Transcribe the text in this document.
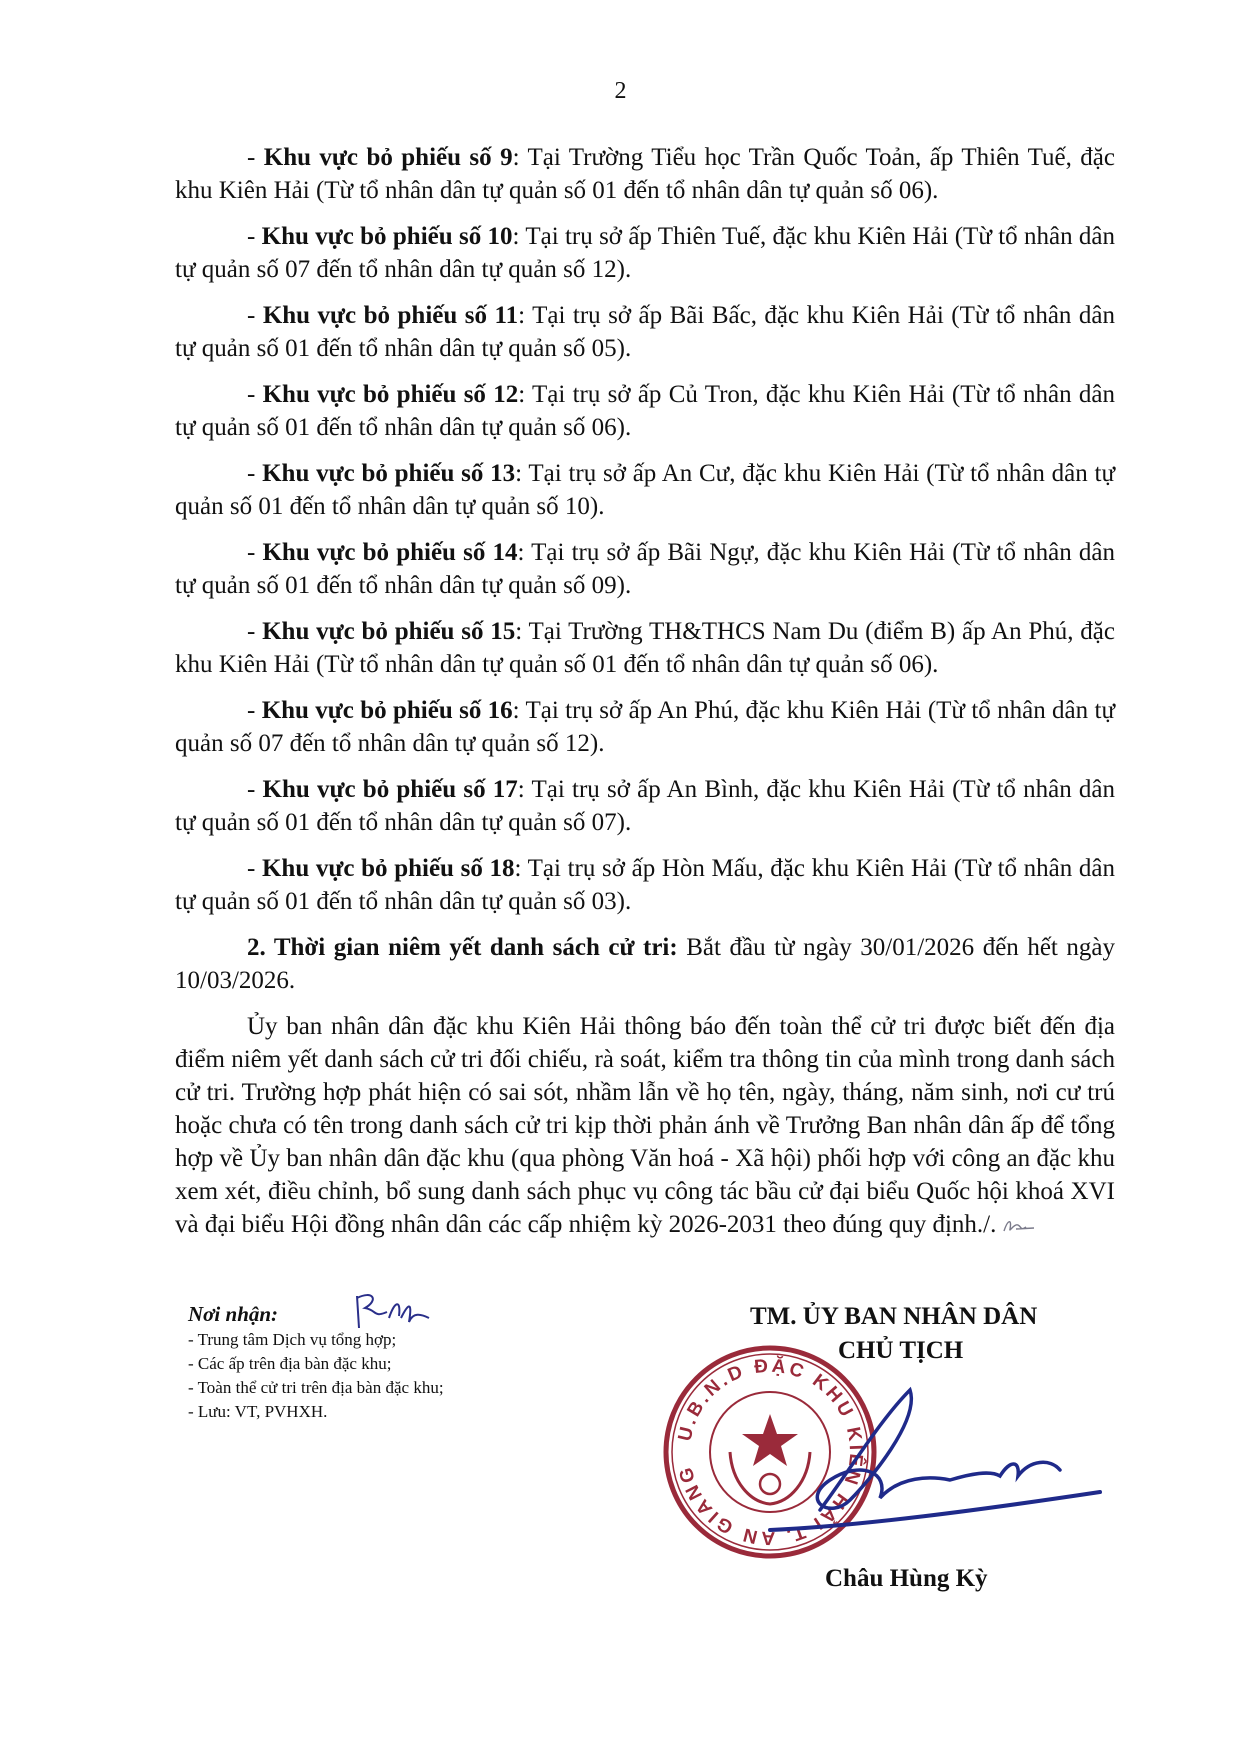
2

- Khu vực bỏ phiếu số 9: Tại Trường Tiểu học Trần Quốc Toản, ấp Thiên Tuế, đặc khu Kiên Hải (Từ tổ nhân dân tự quản số 01 đến tổ nhân dân tự quản số 06).

- Khu vực bỏ phiếu số 10: Tại trụ sở ấp Thiên Tuế, đặc khu Kiên Hải (Từ tổ nhân dân tự quản số 07 đến tổ nhân dân tự quản số 12).

- Khu vực bỏ phiếu số 11: Tại trụ sở ấp Bãi Bấc, đặc khu Kiên Hải (Từ tổ nhân dân tự quản số 01 đến tổ nhân dân tự quản số 05).

- Khu vực bỏ phiếu số 12: Tại trụ sở ấp Củ Tron, đặc khu Kiên Hải (Từ tổ nhân dân tự quản số 01 đến tổ nhân dân tự quản số 06).

- Khu vực bỏ phiếu số 13: Tại trụ sở ấp An Cư, đặc khu Kiên Hải (Từ tổ nhân dân tự quản số 01 đến tổ nhân dân tự quản số 10).

- Khu vực bỏ phiếu số 14: Tại trụ sở ấp Bãi Ngự, đặc khu Kiên Hải (Từ tổ nhân dân tự quản số 01 đến tổ nhân dân tự quản số 09).

- Khu vực bỏ phiếu số 15: Tại Trường TH&THCS Nam Du (điểm B) ấp An Phú, đặc khu Kiên Hải (Từ tổ nhân dân tự quản số 01 đến tổ nhân dân tự quản số 06).

- Khu vực bỏ phiếu số 16: Tại trụ sở ấp An Phú, đặc khu Kiên Hải (Từ tổ nhân dân tự quản số 07 đến tổ nhân dân tự quản số 12).

- Khu vực bỏ phiếu số 17: Tại trụ sở ấp An Bình, đặc khu Kiên Hải (Từ tổ nhân dân tự quản số 01 đến tổ nhân dân tự quản số 07).

- Khu vực bỏ phiếu số 18: Tại trụ sở ấp Hòn Mấu, đặc khu Kiên Hải (Từ tổ nhân dân tự quản số 01 đến tổ nhân dân tự quản số 03).

2. Thời gian niêm yết danh sách cử tri: Bắt đầu từ ngày 30/01/2026 đến hết ngày 10/03/2026.

Ủy ban nhân dân đặc khu Kiên Hải thông báo đến toàn thể cử tri được biết đến địa điểm niêm yết danh sách cử tri đối chiếu, rà soát, kiểm tra thông tin của mình trong danh sách cử tri. Trường hợp phát hiện có sai sót, nhầm lẫn về họ tên, ngày, tháng, năm sinh, nơi cư trú hoặc chưa có tên trong danh sách cử tri kịp thời phản ánh về Trưởng Ban nhân dân ấp để tổng hợp về Ủy ban nhân dân đặc khu (qua phòng Văn hoá - Xã hội) phối hợp với công an đặc khu xem xét, điều chỉnh, bổ sung danh sách phục vụ công tác bầu cử đại biểu Quốc hội khoá XVI và đại biểu Hội đồng nhân dân các cấp nhiệm kỳ 2026-2031 theo đúng quy định./.

Nơi nhận:
- Trung tâm Dịch vụ tổng hợp;
- Các ấp trên địa bàn đặc khu;
- Toàn thể cử tri trên địa bàn đặc khu;
- Lưu: VT, PVHXH.
U.B.N.D ĐẶC KHU KIÊN HẢI T. AN GIANG
TM. ỦY BAN NHÂN DÂN
CHỦ TỊCH
Châu Hùng Kỳ
